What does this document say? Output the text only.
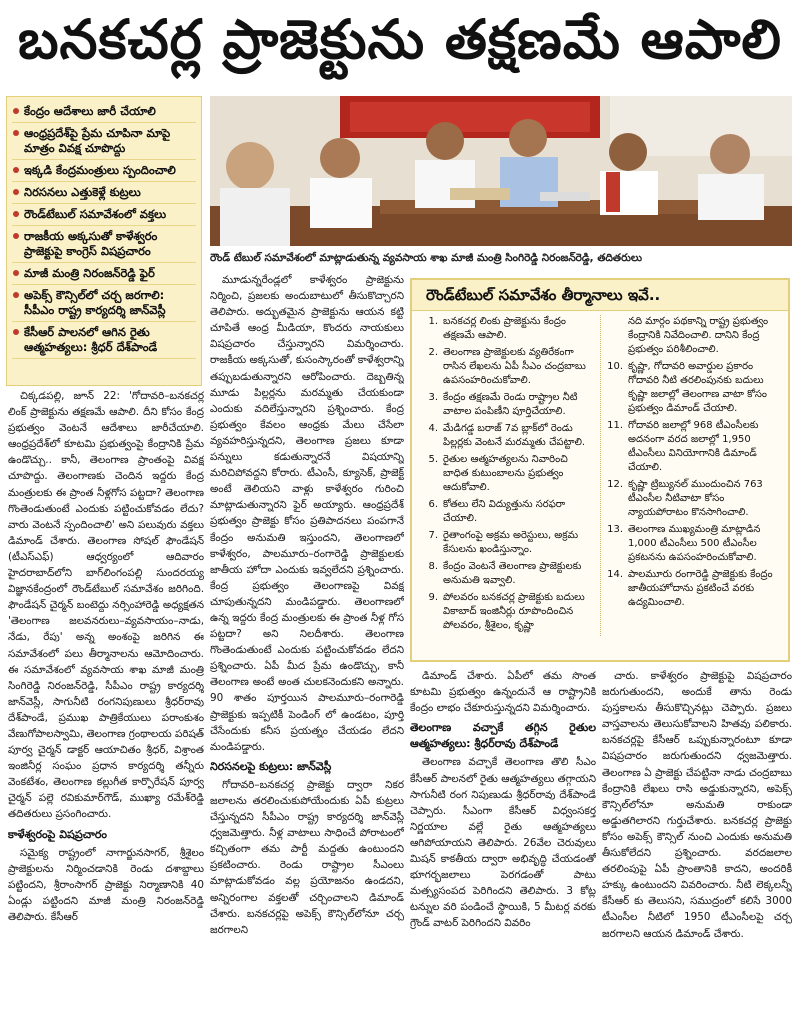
బనకచర్ల ప్రాజెక్టును తక్షణమే ఆపాలి
కేంద్రం ఆదేశాలు జారీ చేయాలి
ఆంధ్రప్రదేశ్‌పై ప్రేమ చూపినా మాపై మాత్రం వివక్ష చూపొద్దు
ఇక్కడి కేంద్రమంత్రులు స్పందించాలి
నిరసనలు ఎత్తుకెళ్లే కుట్రలు
రౌండ్‌టేబుల్ సమావేశంలో వక్తలు
రాజకీయ అక్కసుతో కాళేశ్వరం ప్రాజెక్టుపై కాంగ్రెస్ విషప్రచారం
మాజీ మంత్రి నిరంజన్‌రెడ్డి ఫైర్
అపెక్స్ కౌన్సిల్‌లో చర్చ జరగాలి: సీపీఎం రాష్ట్ర కార్యదర్శి జాన్‌వెస్లీ
కేసీఆర్ పాలనలో ఆగిన రైతు ఆత్మహత్యలు: శ్రీధర్ దేశ్‌పాండే
రౌండ్ టేబుల్ సమావేశంలో మాట్లాడుతున్న వ్యవసాయ శాఖ మాజీ మంత్రి సింగిరెడ్డి నిరంజన్‌రెడ్డి, తదితరులు

చిక్కడపల్లి, జూన్ 22: 'గోదావరి–బనకచర్ల లింక్ ప్రాజెక్టును తక్షణమే ఆపాలి. దీని కోసం కేంద్ర ప్రభుత్వం వెంటనే ఆదేశాలు జారీచేయాలి. ఆంధ్రప్రదేశ్‌లో కూటమి ప్రభుత్వంపై కేంద్రానికి ప్రేమ ఉండొచ్చు.. కానీ, తెలంగాణ ప్రాంతంపై వివక్ష చూపొద్దు. తెలంగాణకు చెందిన ఇద్దరు కేంద్ర మంత్రులకు ఈ ప్రాంత నీళ్లగోస పట్టదా? తెలంగాణ గొంతెండుతుంటే ఎందుకు పట్టించుకోవడం లేదు? వారు వెంటనే స్పందించాలి' అని పలువురు వక్తలు డిమాండ్ చేశారు. తెలంగాణ సోషల్ ఫౌండేషన్ (టీఎస్ఎఫ్) ఆధ్వర్యంలో ఆదివారం హైదరాబాద్‌లోని బాగ్‌లింగంపల్లి సుందరయ్య విజ్ఞానకేంద్రంలో రౌండ్‌టేబుల్ సమావేశం జరిగింది. ఫౌండేషన్ చైర్మన్ బంటెద్దు నర్సింహారెడ్డి అధ్యక్షతన 'తెలంగాణ జలవనరులు–వ్యవసాయం–నాడు, నేడు, రేపు' అన్న అంశంపై జరిగిన ఈ సమావేశంలో పలు తీర్మానాలను ఆమోదించారు. ఈ సమావేశంలో వ్యవసాయ శాఖ మాజీ మంత్రి సింగిరెడ్డి నిరంజన్‌రెడ్డి, సీపీఎం రాష్ట్ర కార్యదర్శి జాన్‌వెస్లీ, సాగునీటి రంగనిపుణులు శ్రీధర్‌రావు దేశ్‌పాండే, ప్రముఖ పాత్రికేయులు పరాంకుశం వేణుగోపాలస్వామి, తెలంగాణ గ్రంథాలయ పరిషత్ పూర్వ చైర్మన్ డాక్టర్ ఆయాచితం శ్రీధర్, విశ్రాంత ఇంజినీర్ల సంఘం ప్రధాన కార్యదర్శి తన్నీరు వెంకటేశం, తెలంగాణ కల్లుగీత కార్పొరేషన్ పూర్వ చైర్మన్ పల్లె రవికుమార్‌గౌడ్, ముఖ్యా రమేశ్‌రెడ్డి తదితరులు ప్రసంగించారు.

కాళేశ్వరంపై విషప్రచారం

సమైక్య రాష్ట్రంలో నాగార్జునసాగర్, శ్రీశైలం ప్రాజెక్టులను నిర్మించడానికి రెండు దశాబ్దాలు పట్టిందని, శ్రీరాంసాగర్ ప్రాజెక్టు నిర్మాణానికి 40 ఏండ్లు పట్టిందని మాజీ మంత్రి నిరంజన్‌రెడ్డి తెలిపారు. కేసీఆర్

మూడున్నరేండ్లలో కాళేశ్వరం ప్రాజెక్టును నిర్మించి, ప్రజలకు అందుబాటులో తీసుకొచ్చారని తెలిపారు. అద్భుతమైన ప్రాజెక్టును ఆయన కట్టి చూపితే ఆంధ్ర మీడియా, కొందరు నాయకులు విషప్రచారం చేస్తున్నారని విమర్శించారు. రాజకీయ అక్కసుతో, కుసంస్కారంతో కాళేశ్వరాన్ని తప్పుబడుతున్నారని ఆరోపించారు. దెబ్బతిన్న మూడు పిల్లర్లను మరమ్మతు చేయకుండా ఎందుకు వదిలేస్తున్నారని ప్రశ్నించారు. కేంద్ర ప్రభుత్వం కేవలం ఆంధ్రకు మేలు చేసేలా వ్యవహరిస్తున్నదని, తెలంగాణ ప్రజలు కూడా పన్నులు కడుతున్నారనే విషయాన్ని మరిచిపోవద్దని కోరారు. టీఎంసీ, క్యూసెక్, ప్రాజెక్ట్ అంటే తెలియని వాళ్లు కాళేశ్వరం గురించి మాట్లాడుతున్నారని ఫైర్ అయ్యారు. ఆంధ్రప్రదేశ్ ప్రభుత్వం ప్రాజెక్టు కోసం ప్రతిపాదనలు పంపగానే కేంద్రం అనుమతి ఇస్తుందని, తెలంగాణలో కాళేశ్వరం, పాలమూరు–రంగారెడ్డి ప్రాజెక్టులకు జాతీయ హోదా ఎందుకు ఇవ్వలేదని ప్రశ్నించారు. కేంద్ర ప్రభుత్వం తెలంగాణపై వివక్ష చూపుతున్నదని మండిపడ్డారు. తెలంగాణలో ఉన్న ఇద్దరు కేంద్ర మంత్రులకు ఈ ప్రాంత నీళ్ల గోస పట్టదా? అని నిలదీశారు. తెలంగాణ గొంతెండుతుంటే ఎందుకు పట్టించుకోవడం లేదని ప్రశ్నించారు. ఏపీ మీద ప్రేమ ఉండొచ్చు, కానీ తెలంగాణ అంటే అంత చులకనెందుకని అన్నారు. 90 శాతం పూర్తయిన పాలమూరు–రంగారెడ్డి ప్రాజెక్టుకు ఇప్పటికీ పెండింగ్ లో ఉండటం, పూర్తి చేసేందుకు కనీస ప్రయత్నం చేయడం లేదని మండిపడ్డారు.

నిరసనలపై కుట్రలు: జాన్‌వెస్లీ

గోదావరి–బనకచర్ల ప్రాజెక్టు ద్వారా నికర జలాలను తరలించుకుపోయేందుకు ఏపీ కుట్రలు చేస్తున్నదని సీపీఎం రాష్ట్ర కార్యదర్శి జాన్‌వెస్లీ ధ్వజమెత్తారు. నీళ్ల వాటాలు సాధించే పోరాటంలో కచ్చితంగా తమ పార్టీ మద్దతు ఉంటుందని ప్రకటించారు. రెండు రాష్ట్రాల సీఎంలు మాట్లాడుకోవడం వల్ల ప్రయోజనం ఉండదని, అన్నిరంగాల వక్తలతో చర్చించాలని డిమాండ్ చేశారు. బనకచర్లపై అపెక్స్ కౌన్సిల్‌లోనూ చర్చ జరగాలని

రౌండ్‌టేబుల్ సమావేశం తీర్మానాలు ఇవే..
1. బనకచర్ల లింకు ప్రాజెక్టును కేంద్రం తక్షణమే ఆపాలి.
2. తెలంగాణ ప్రాజెక్టులకు వ్యతిరేకంగా రాసిన లేఖలను ఏపీ సీఎం చంద్రబాబు ఉపసంహరించుకోవాలి.
3. కేంద్రం తక్షణమే రెండు రాష్ట్రాల నీటి వాటాల పంపిణీని పూర్తిచేయాలి.
4. మేడిగడ్డ బరాజ్ 7వ బ్లాక్‌లో రెండు పిల్లర్లకు వెంటనే మరమ్మతు చేపట్టాలి.
5. రైతుల ఆత్మహత్యలను నివారించి బాధిత కుటుంబాలను ప్రభుత్వం ఆదుకోవాలి.
6. కోతలు లేని విద్యుత్తును సరఫరా చేయాలి.
7. రైతాంగంపై అక్రమ అరెస్టులు, అక్రమ కేసులను ఖండిస్తున్నాం.
8. కేంద్రం వెంటనే తెలంగాణ ప్రాజెక్టులకు అనుమతి ఇవ్వాలి.
9. పోలవరం బనకచర్ల ప్రాజెక్టుకు బదులు వికాబాద్ ఇంజినీర్లు రూపొందించిన పోలవరం, శ్రీశైలం, కృష్ణా
నది మార్గం పథకాన్ని రాష్ట్ర ప్రభుత్వం కేంద్రానికి నివేదించాలి. దానిని కేంద్ర ప్రభుత్వం పరిశీలించాలి.
10. కృష్ణా, గోదావరి అవార్డుల ప్రకారం గోదావరి నీటి తరలింపునకు బదులు కృష్ణా జలాల్లో తెలంగాణ వాటా కోసం ప్రభుత్వం డిమాండ్ చేయాలి.
11. గోదావరి జలాల్లో 968 టీఎంసీలకు అదనంగా వరద జలాల్లో 1,950 టీఎంసీలు వినియోగానికి డిమాండ్ చేయాలి.
12. కృష్ణా ట్రిబ్యునల్ ముందుంచిన 763 టీఎంసీల నీటివాటా కోసం న్యాయపోరాటం కొనసాగించాలి.
13. తెలంగాణ ముఖ్యమంత్రి మాట్లాడిన 1,000 టీఎంసీలు 500 టీఎంసీల ప్రకటనను ఉపసంహరించుకోవాలి.
14. పాలమూరు రంగారెడ్డి ప్రాజెక్టుకు కేంద్రం జాతీయహోదాను ప్రకటించే వరకు ఉద్యమించాలి.

డిమాండ్ చేశారు. ఏపీలో తమ సొంత కూటమి ప్రభుత్వం ఉన్నందునే ఆ రాష్ట్రానికి కేంద్రం లాభం చేకూరుస్తున్నదని విమర్శించారు.

తెలంగాణ వచ్చాకే తగ్గిన రైతుల ఆత్మహత్యలు: శ్రీధర్‌రావు దేశ్‌పాండే

తెలంగాణ వచ్చాకే తెలంగాణ తొలి సీఎం కేసీఆర్ పాలనలో రైతు ఆత్మహత్యలు తగ్గాయని సాగునీటి రంగ నిపుణుడు శ్రీధర్‌రావు దేశ్‌పాండే చెప్పారు. సీఎంగా కేసీఆర్ విధ్వంసకర్త నిర్ణయాల వల్లే రైతు ఆత్మహత్యలు ఆగిపోయాయని తెలిపారు. 26వేల చెరువులు మిషన్ కాకతీయ ద్వారా అభివృద్ధి చేయడంతో భూగర్భజలాలు పెరగడంతో పాటు మత్స్యసంపద పెరిగిందని తెలిపారు. 3 కోట్ల టన్నుల వరి పండించే స్థాయికి, 5 మీటర్ల వరకు గ్రౌండ్ వాటర్ పెరిగిందని వివరిం

చారు. కాళేశ్వరం ప్రాజెక్టుపై విషప్రచారం జరుగుతుందని, అందుకే తాను రెండు పుస్తకాలను తీసుకొచ్చినట్లు చెప్పారు. ప్రజలు వాస్తవాలను తెలుసుకోవాలని హితవు పలికారు. బనకచర్లపై కేసీఆర్ ఒప్పుకున్నారంటూ కూడా విషప్రచారం జరుగుతుందని ధ్వజమెత్తారు. తెలంగాణ ఏ ప్రాజెక్టు చేపట్టినా నాడు చంద్రబాబు కేంద్రానికి లేఖలు రాసి అడ్డుకున్నారని, అపెక్స్ కౌన్సిల్‌లోనూ అనుమతి రాకుండా అడ్డుతగిలారని గుర్తుచేశారు. బనకచర్ల ప్రాజెక్టు కోసం అపెక్స్ కౌన్సిల్ నుంచి ఎందుకు అనుమతి తీసుకోలేదని ప్రశ్నించారు. వరదజలాల తరలింపుపై ఏపీ ప్రాంతానికి కాదని, అందరికీ హక్కు ఉంటుందని వివరించారు. నీటి లెక్కలన్నీ కేసీఆర్ కు తెలుసని, సముద్రంలో కలిసే 3000 టీఎంసీల నీటిలో 1950 టీఎంసీలపై చర్చ జరగాలని ఆయన డిమాండ్ చేశారు.
